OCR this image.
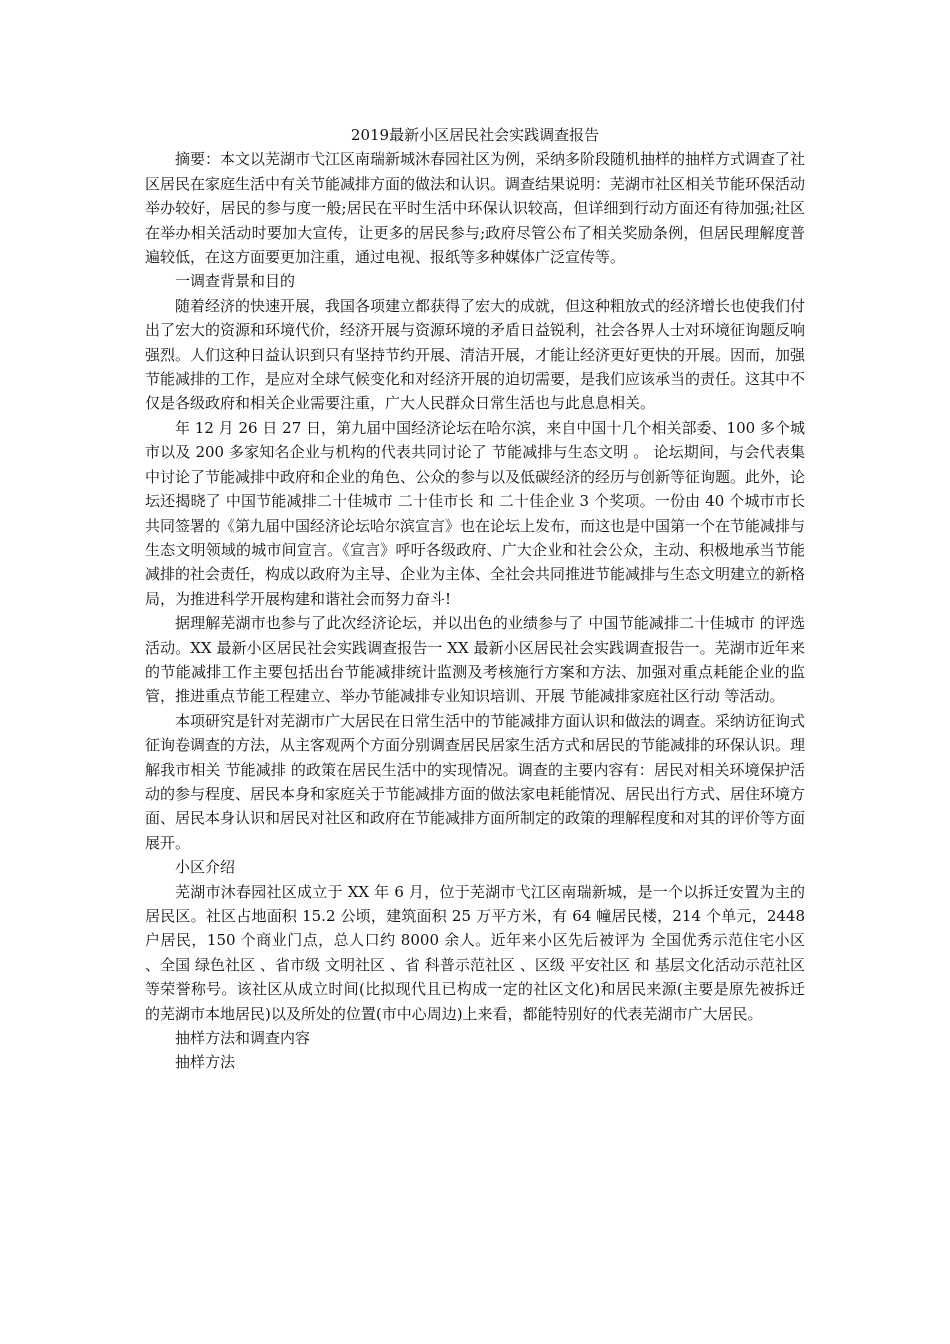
2019最新小区居民社会实践调查报告

摘要：本文以芜湖市弋江区南瑞新城沐春园社区为例，采纳多阶段随机抽样的抽样方式调查了社区居民在家庭生活中有关节能减排方面的做法和认识。调查结果说明：芜湖市社区相关节能环保活动举办较好，居民的参与度一般;居民在平时生活中环保认识较高，但详细到行动方面还有待加强;社区在举办相关活动时要加大宣传，让更多的居民参与;政府尽管公布了相关奖励条例，但居民理解度普遍较低，在这方面要更加注重，通过电视、报纸等多种媒体广泛宣传等。

一调查背景和目的

随着经济的快速开展，我国各项建立都获得了宏大的成就，但这种粗放式的经济增长也使我们付出了宏大的资源和环境代价，经济开展与资源环境的矛盾日益锐利，社会各界人士对环境征询题反响强烈。人们这种日益认识到只有坚持节约开展、清洁开展，才能让经济更好更快的开展。因而，加强节能减排的工作，是应对全球气候变化和对经济开展的迫切需要，是我们应该承当的责任。这其中不仅是各级政府和相关企业需要注重，广大人民群众日常生活也与此息息相关。

年 12 月 26 日 27 日，第九届中国经济论坛在哈尔滨，来自中国十几个相关部委、100 多个城市以及 200 多家知名企业与机构的代表共同讨论了 节能减排与生态文明 。 论坛期间，与会代表集中讨论了节能减排中政府和企业的角色、公众的参与以及低碳经济的经历与创新等征询题。此外，论坛还揭晓了 中国节能减排二十佳城市 二十佳市长 和 二十佳企业 3 个奖项。一份由 40 个城市市长共同签署的《第九届中国经济论坛哈尔滨宣言》也在论坛上发布，而这也是中国第一个在节能减排与生态文明领域的城市间宣言。《宣言》呼吁各级政府、广大企业和社会公众，主动、积极地承当节能减排的社会责任，构成以政府为主导、企业为主体、全社会共同推进节能减排与生态文明建立的新格局，为推进科学开展构建和谐社会而努力奋斗!

据理解芜湖市也参与了此次经济论坛，并以出色的业绩参与了 中国节能减排二十佳城市 的评选活动。XX 最新小区居民社会实践调查报告一 XX 最新小区居民社会实践调查报告一。芜湖市近年来的节能减排工作主要包括出台节能减排统计监测及考核施行方案和方法、加强对重点耗能企业的监管，推进重点节能工程建立、举办节能减排专业知识培训、开展 节能减排家庭社区行动 等活动。

本项研究是针对芜湖市广大居民在日常生活中的节能减排方面认识和做法的调查。采纳访征询式征询卷调查的方法，从主客观两个方面分别调查居民居家生活方式和居民的节能减排的环保认识。理解我市相关 节能减排 的政策在居民生活中的实现情况。调查的主要内容有：居民对相关环境保护活动的参与程度、居民本身和家庭关于节能减排方面的做法家电耗能情况、居民出行方式、居住环境方面、居民本身认识和居民对社区和政府在节能减排方面所制定的政策的理解程度和对其的评价等方面展开。

小区介绍

芜湖市沐春园社区成立于 XX 年 6 月，位于芜湖市弋江区南瑞新城，是一个以拆迁安置为主的居民区。社区占地面积 15.2 公顷，建筑面积 25 万平方米，有 64 幢居民楼，214 个单元，2448 户居民，150 个商业门点，总人口约 8000 余人。近年来小区先后被评为 全国优秀示范住宅小区 、全国 绿色社区 、省市级 文明社区 、省 科普示范社区 、区级 平安社区 和 基层文化活动示范社区 等荣誉称号。该社区从成立时间(比拟现代且已构成一定的社区文化)和居民来源(主要是原先被拆迁的芜湖市本地居民)以及所处的位置(市中心周边)上来看，都能特别好的代表芜湖市广大居民。

抽样方法和调查内容

抽样方法
